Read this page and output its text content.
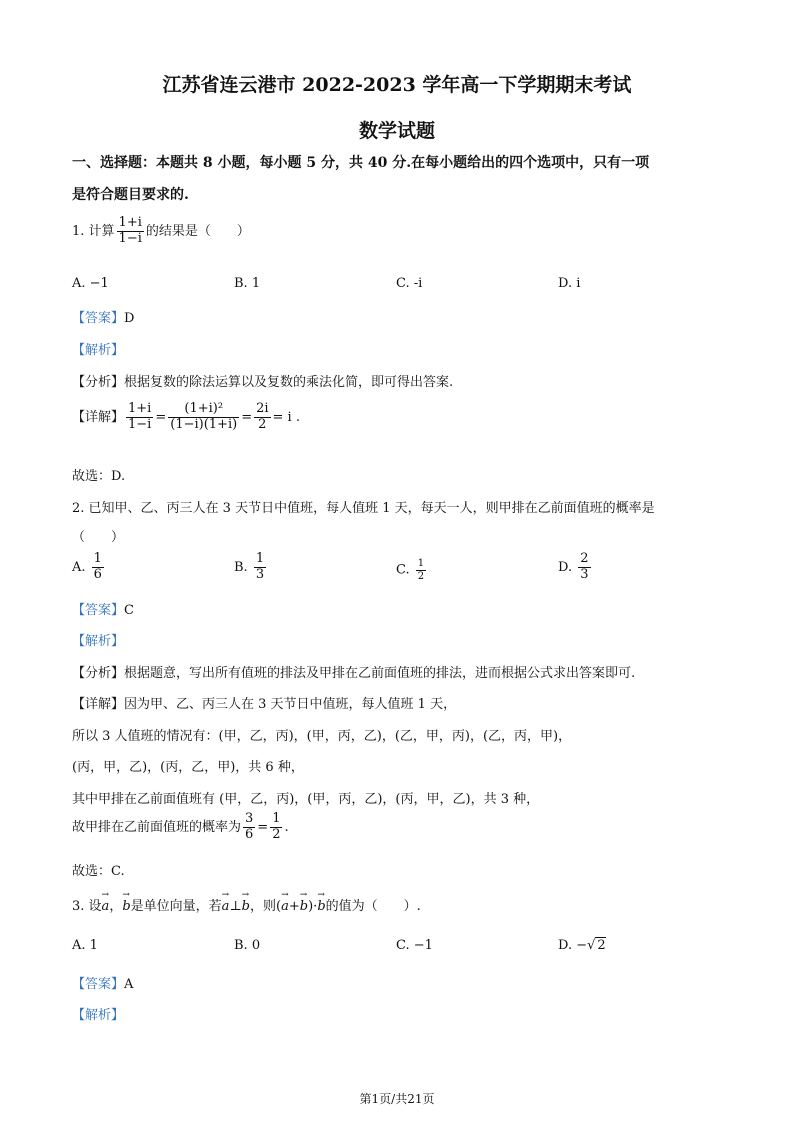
江苏省连云港市 2022-2023 学年高一下学期期末考试
数学试题
一、选择题：本题共 8 小题，每小题 5 分，共 40 分.在每小题给出的四个选项中，只有一项
是符合题目要求的.
1. 计算 $\frac{1+i}{1-i}$ 的结果是（　　）
A. −1	B. 1	C. -i	D. i
【答案】D
【解析】
【分析】根据复数的除法运算以及复数的乘法化简，即可得出答案.
【详解】 $\frac{1+i}{1-i} = \frac{\text{(1+i)²}}{(1-i)(1+i)} = \frac{2i}{2} = i$ .
故选：D.
2. 已知甲、乙、丙三人在 3 天节日中值班，每人值班 1 天，每天一人，则甲排在乙前面值班的概率是
（　　）
A. $\frac{1}{6}$	B. $\frac{1}{3}$	C. $\frac{1}{2}$	D. $\frac{2}{3}$
【答案】C
【解析】
【分析】根据题意，写出所有值班的排法及甲排在乙前面值班的排法，进而根据公式求出答案即可.
【详解】因为甲、乙、丙三人在 3 天节日中值班，每人值班 1 天，
所以 3 人值班的情况有：(甲，乙，丙)，(甲，丙，乙)，(乙，甲，丙)，(乙，丙，甲)，
(丙，甲，乙)，(丙，乙，甲)，共 6 种，
其中甲排在乙前面值班有 (甲，乙，丙)，(甲，丙，乙)，(丙，甲，乙)，共 3 种，
故甲排在乙前面值班的概率为 $\frac{3}{6} = \frac{1}{2}$ .
故选：C.
3. 设→ a，→ b是单位向量，若→ a⊥→ b，则(→ a+→ b)·→ b的值为（　　）.
A. 1	B. 0	C. −1	D. −√ 2
【答案】A
【解析】
第1页/共21页
